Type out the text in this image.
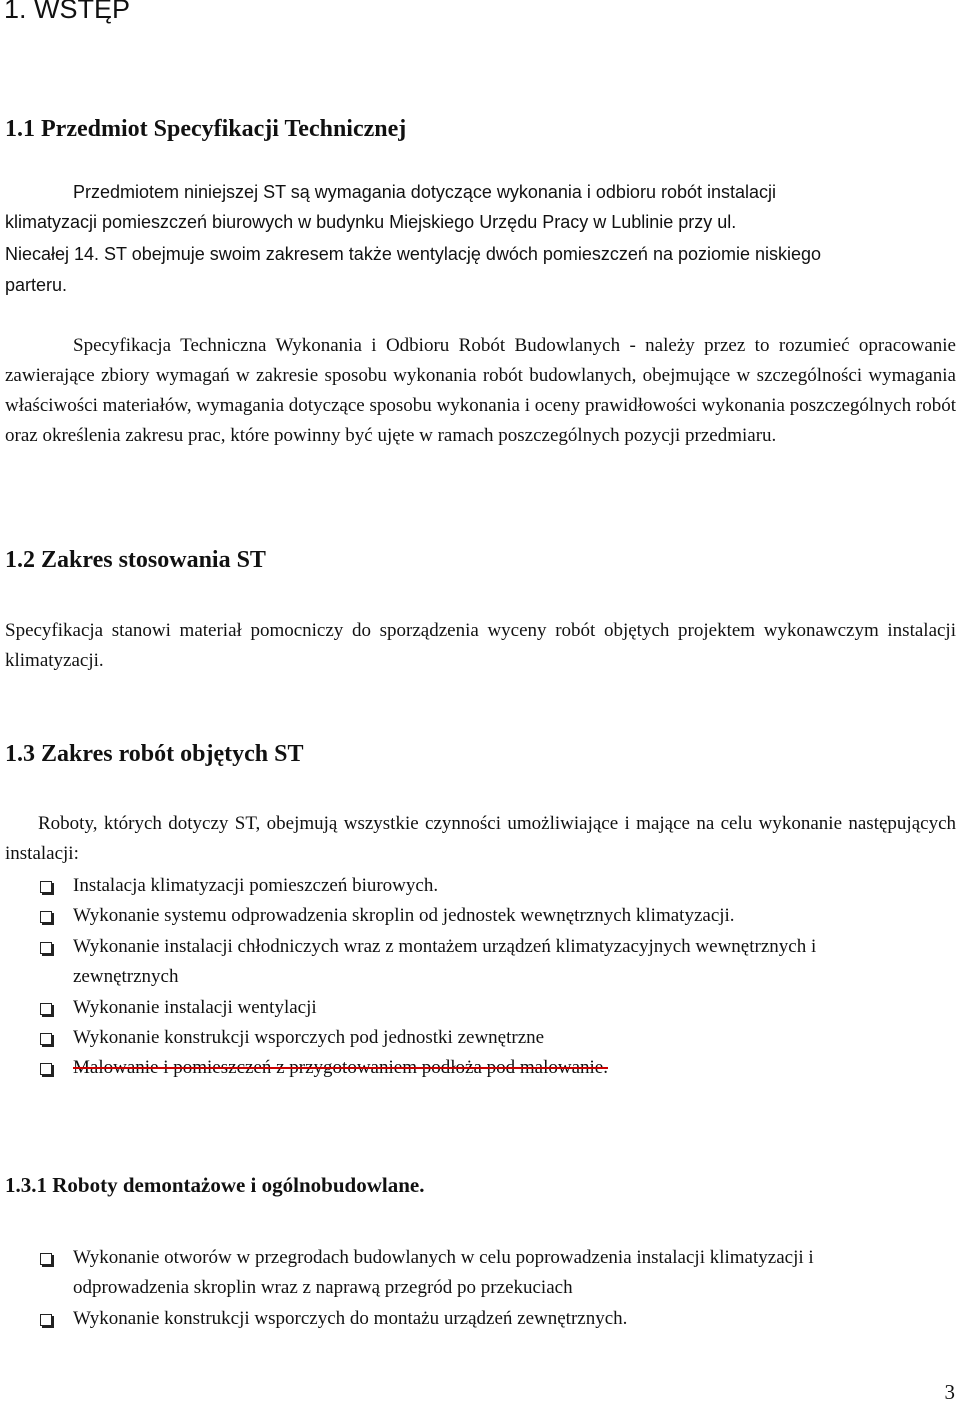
1. WSTĘP
1.1 Przedmiot Specyfikacji Technicznej
Przedmiotem niniejszej ST są wymagania dotyczące wykonania i odbioru robót instalacji
klimatyzacji pomieszczeń biurowych w budynku Miejskiego Urzędu Pracy w Lublinie przy ul.
Niecałej 14. ST obejmuje swoim zakresem także wentylację dwóch pomieszczeń na poziomie niskiego
parteru.
Specyfikacja Techniczna Wykonania i Odbioru Robót Budowlanych - należy przez to rozumieć opracowanie zawierające zbiory wymagań w zakresie sposobu wykonania robót budowlanych, obejmujące w szczególności wymagania właściwości materiałów, wymagania dotyczące sposobu wykonania i oceny prawidłowości wykonania poszczególnych robót oraz określenia zakresu prac, które powinny być ujęte w ramach poszczególnych pozycji przedmiaru.
1.2 Zakres stosowania ST
Specyfikacja stanowi materiał pomocniczy do sporządzenia wyceny robót objętych projektem wykonawczym instalacji klimatyzacji.
1.3 Zakres robót objętych ST
Roboty, których dotyczy ST, obejmują wszystkie czynności umożliwiające i mające na celu wykonanie następujących instalacji:
Instalacja klimatyzacji pomieszczeń biurowych.
Wykonanie systemu odprowadzenia skroplin od jednostek wewnętrznych klimatyzacji.
Wykonanie instalacji chłodniczych wraz z montażem urządzeń klimatyzacyjnych wewnętrznych i zewnętrznych
Wykonanie instalacji wentylacji
Wykonanie konstrukcji wsporczych pod jednostki zewnętrzne
Malowanie i pomieszczeń z przygotowaniem podłoża pod malowanie.
1.3.1 Roboty demontażowe i ogólnobudowlane.
Wykonanie otworów w przegrodach budowlanych w celu poprowadzenia instalacji klimatyzacji i odprowadzenia skroplin wraz z naprawą przegród po przekuciach
Wykonanie konstrukcji wsporczych do montażu urządzeń zewnętrznych.
3
